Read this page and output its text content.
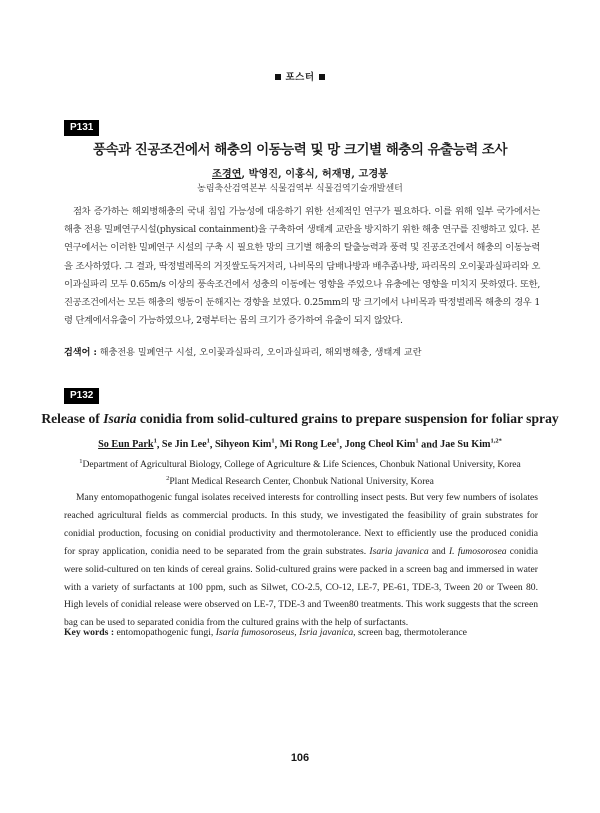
포스터
P131
풍속과 진공조건에서 해충의 이동능력 및 망 크기별 해충의 유출능력 조사
조경연, 박영진, 이홍식, 허재명, 고경봉
농림축산검역본부 식물검역부 식물검역기술개발센터
점차 증가하는 해외병해충의 국내 침입 가능성에 대응하기 위한 선제적인 연구가 필요하다. 이를 위해 일부 국가에서는 해충 전용 밀폐연구시설(physical containment)을 구축하여 생태계 교란을 방지하기 위한 해충 연구를 진행하고 있다. 본 연구에서는 이러한 밀폐연구 시설의 구축 시 필요한 망의 크기별 해충의 탈출능력과 풍력 및 진공조건에서 해충의 이동능력을 조사하였다. 그 결과, 딱정벌레목의 거짓쌀도둑거저리, 나비목의 담배나방과 배추좀나방, 파리목의 오이꽃과실파리와 오이과실파리 모두 0.65m/s 이상의 풍속조건에서 성충의 이동에는 영향을 주었으나 유충에는 영향을 미치지 못하였다. 또한, 진공조건에서는 모든 해충의 행동이 둔해지는 경향을 보였다. 0.25mm의 망 크기에서 나비목과 딱정벌레목 해충의 경우 1령 단계에서유출이 가능하였으나, 2령부터는 몸의 크기가 증가하여 유출이 되지 않았다.
검색어 : 해충전용 밀폐연구 시설, 오이꽃과실파리, 오이과실파리, 해외병해충, 생태계 교란
P132
Release of Isaria conidia from solid-cultured grains to prepare suspension for foliar spray
So Eun Park$^1$, Se Jin Lee$^1$, Sihyeon Kim$^1$, Mi Rong Lee$^1$, Jong Cheol Kim$^1$ and Jae Su Kim$^{1,2*}$
$^1$Department of Agricultural Biology, College of Agriculture & Life Sciences, Chonbuk National University, Korea
$^2$Plant Medical Research Center, Chonbuk National University, Korea
Many entomopathogenic fungal isolates received interests for controlling insect pests. But very few numbers of isolates reached agricultural fields as commercial products. In this study, we investigated the feasibility of grain substrates for conidial production, focusing on conidial productivity and thermotolerance. Next to efficiently use the produced conidia for spray application, conidia need to be separated from the grain substrates. Isaria javanica and I. fumosorosea conidia were solid-cultured on ten kinds of cereal grains. Solid-cultured grains were packed in a screen bag and immersed in water with a variety of surfactants at 100 ppm, such as Silwet, CO-2.5, CO-12, LE-7, PE-61, TDE-3, Tween 20 or Tween 80. High levels of conidial release were observed on LE-7, TDE-3 and Tween80 treatments. This work suggests that the screen bag can be used to separated conidia from the cultured grains with the help of surfactants.
Key words : entomopathogenic fungi, Isaria fumosoroseus, Isria javanica, screen bag, thermotolerance
106
